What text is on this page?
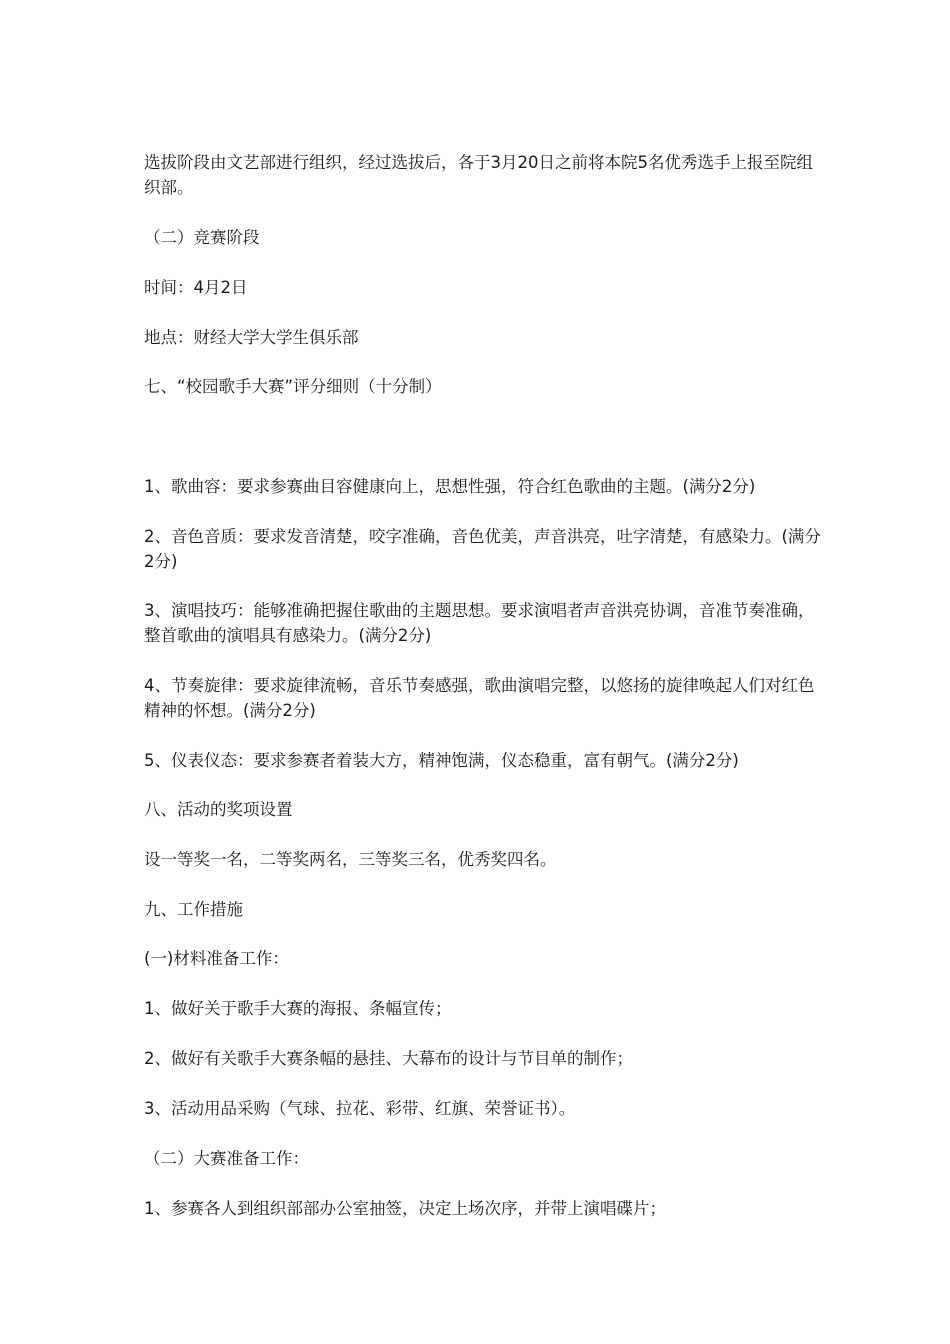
选拔阶段由文艺部进行组织，经过选拔后，各于3月20日之前将本院5名优秀选手上报至院组织部。

（二）竞赛阶段

时间：4月2日

地点：财经大学大学生俱乐部

七、“校园歌手大赛”评分细则（十分制）

1、歌曲容：要求参赛曲目容健康向上，思想性强，符合红色歌曲的主题。(满分2分)

2、音色音质：要求发音清楚，咬字准确，音色优美，声音洪亮，吐字清楚，有感染力。(满分2分)

3、演唱技巧：能够准确把握住歌曲的主题思想。要求演唱者声音洪亮协调，音准节奏准确，整首歌曲的演唱具有感染力。(满分2分)

4、节奏旋律：要求旋律流畅，音乐节奏感强，歌曲演唱完整，以悠扬的旋律唤起人们对红色精神的怀想。(满分2分)

5、仪表仪态：要求参赛者着装大方，精神饱满，仪态稳重，富有朝气。(满分2分)

八、活动的奖项设置

设一等奖一名，二等奖两名，三等奖三名，优秀奖四名。

九、工作措施

(一)材料准备工作：

1、做好关于歌手大赛的海报、条幅宣传；

2、做好有关歌手大赛条幅的悬挂、大幕布的设计与节目单的制作；

3、活动用品采购（气球、拉花、彩带、红旗、荣誉证书）。

（二）大赛准备工作：

1、参赛各人到组织部部办公室抽签，决定上场次序，并带上演唱碟片；
